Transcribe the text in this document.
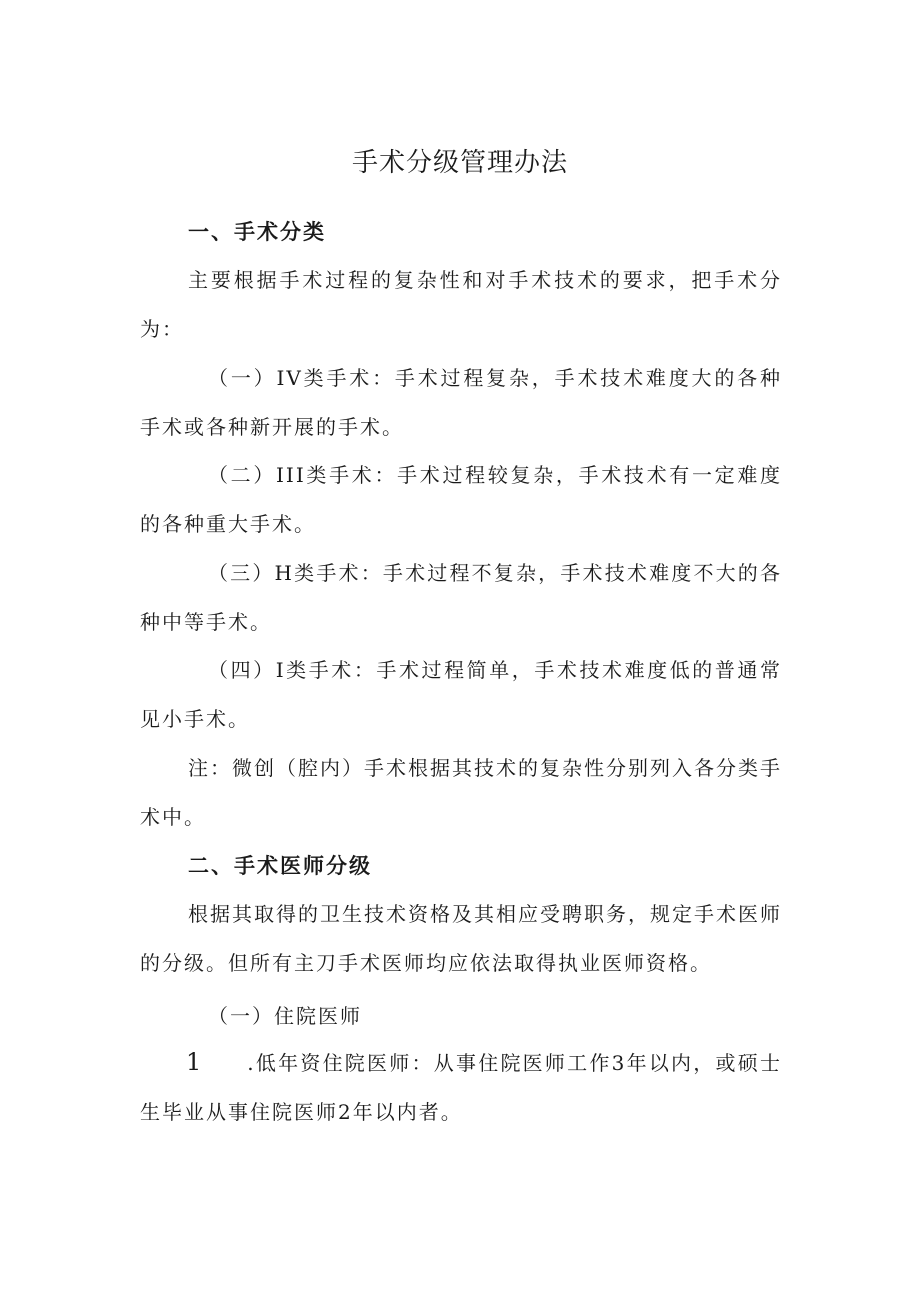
手术分级管理办法
一、手术分类
主要根据手术过程的复杂性和对手术技术的要求，把手术分为：
（一）IV类手术：手术过程复杂，手术技术难度大的各种手术或各种新开展的手术。
（二）III类手术：手术过程较复杂，手术技术有一定难度的各种重大手术。
（三）H类手术：手术过程不复杂，手术技术难度不大的各种中等手术。
（四）I类手术：手术过程简单，手术技术难度低的普通常见小手术。
注：微创（腔内）手术根据其技术的复杂性分别列入各分类手术中。
二、手术医师分级
根据其取得的卫生技术资格及其相应受聘职务，规定手术医师的分级。但所有主刀手术医师均应依法取得执业医师资格。
（一）住院医师
1 .低年资住院医师：从事住院医师工作3年以内，或硕士生毕业从事住院医师2年以内者。
